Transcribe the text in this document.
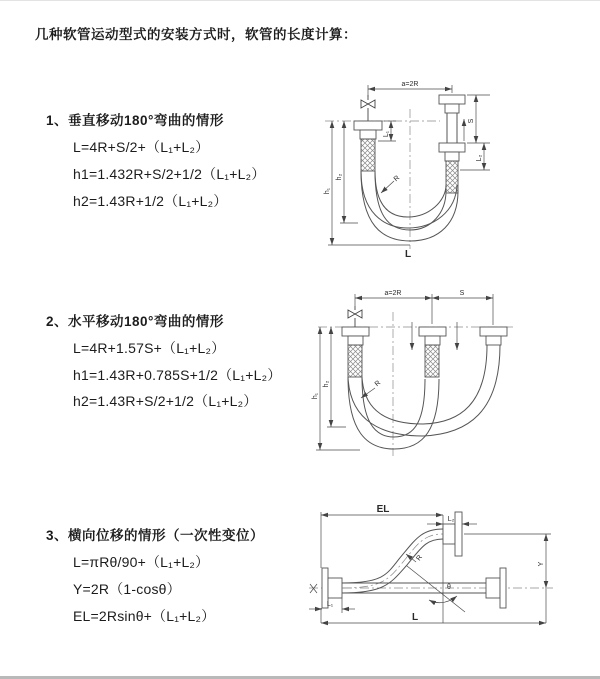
几种软管运动型式的安装方式时，软管的长度计算：
1、垂直移动180°弯曲的情形
L=4R+S/2+（L₁+L₂）
h1=1.432R+S/2+1/2（L₁+L₂）
h2=1.43R+1/2（L₁+L₂）
a=2R
L₁
S
L₂
h₁
h₂	R
L
2、水平移动180°弯曲的情形
L=4R+1.57S+（L₁+L₂）
h1=1.43R+0.785S+1/2（L₁+L₂）
h2=1.43R+S/2+1/2（L₁+L₂）
a=2R	S
h₁
h₂	R
3、横向位移的情形（一次性变位）
L=πRθ/90+（L₁+L₂）
Y=2R（1-cosθ）
EL=2Rsinθ+（L₁+L₂）
EL
L₂
Y
R
θ
L
L₁
